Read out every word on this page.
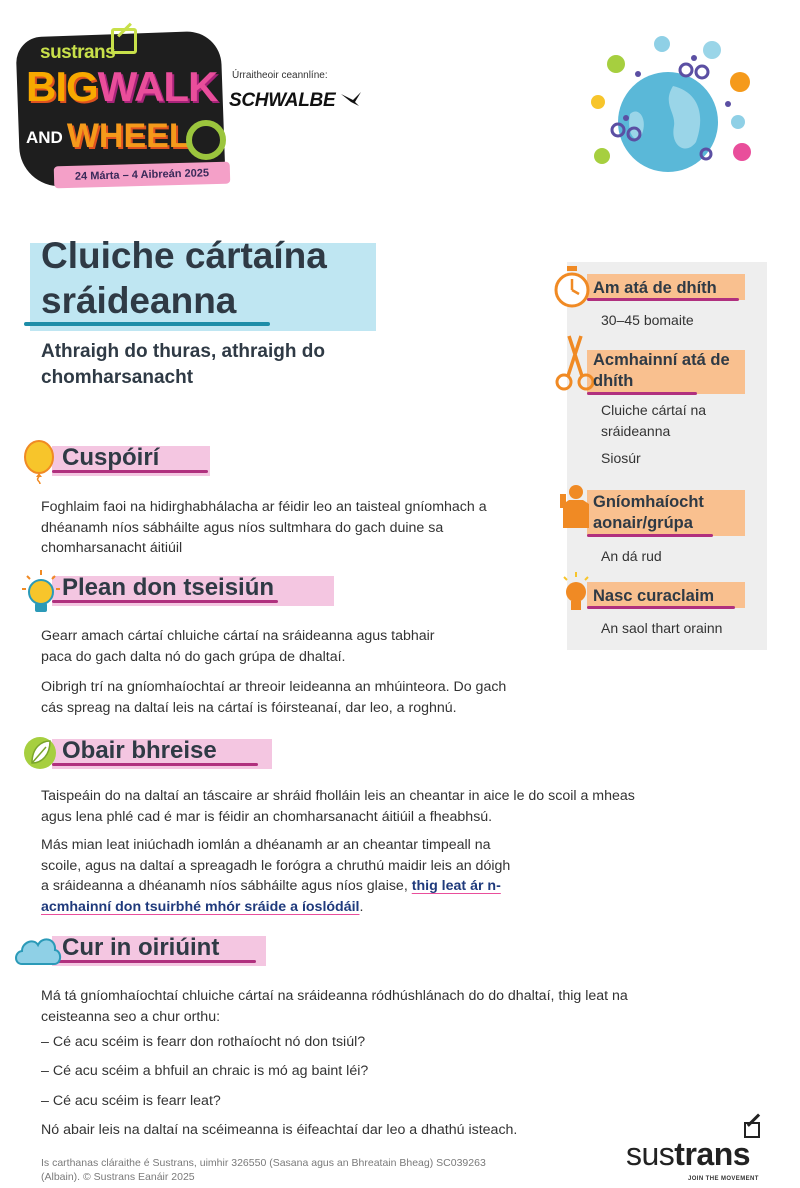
sustrans
BIGWALK
AND WHEEL
24 Márta – 4 Aibreán 2025
Úrraitheoir ceannlíne:
SCHWALBE
Cluiche cártaína sráideanna
Athraigh do thuras, athraigh do chomharsanacht
Cuspóirí

Foghlaim faoi na hidirghabhálacha ar féidir leo an taisteal gníomhach a dhéanamh níos sábháilte agus níos sultmhara do gach duine sa chomharsanacht áitiúil

Plean don tseisiún

Gearr amach cártaí chluiche cártaí na sráideanna agus tabhair paca do gach dalta nó do gach grúpa de dhaltaí.

Oibrigh trí na gníomhaíochtaí ar threoir leideanna an mhúinteora. Do gach cás spreag na daltaí leis na cártaí is fóirsteanaí, dar leo, a roghnú.

Obair bhreise

Taispeáin do na daltaí an táscaire ar shráid fholláin leis an cheantar in aice le do scoil a mheas agus lena phlé cad é mar is féidir an chomharsanacht áitiúil a fheabhsú.

Más mian leat iniúchadh iomlán a dhéanamh ar an cheantar timpeall na scoile, agus na daltaí a spreagadh le forógra a chruthú maidir leis an dóigh a sráideanna a dhéanamh níos sábháilte agus níos glaise, thig leat ár n-acmhainní don tsuirbhé mhór sráide a íoslódáil.

Cur in oiriúint

Má tá gníomhaíochtaí chluiche cártaí na sráideanna ródhúshlánach do do dhaltaí, thig leat na ceisteanna seo a chur orthu:

– Cé acu scéim is fearr don rothaíocht nó don tsiúl?

– Cé acu scéim a bhfuil an chraic is mó ag baint léi?

– Cé acu scéim is fearr leat?

Nó abair leis na daltaí na scéimeanna is éifeachtaí dar leo a dhathú isteach.

Am atá de dhíth
30–45 bomaite
Acmhainní atá de dhíth
Cluiche cártaí na sráideanna
Siosúr
Gníomhaíocht aonair/grúpa
An dá rud
Nasc curaclaim
An saol thart orainn
Is carthanas cláraithe é Sustrans, uimhir 326550 (Sasana agus an Bhreatain Bheag) SC039263 (Albain). © Sustrans Eanáir 2025
sustrans
JOIN THE MOVEMENT
